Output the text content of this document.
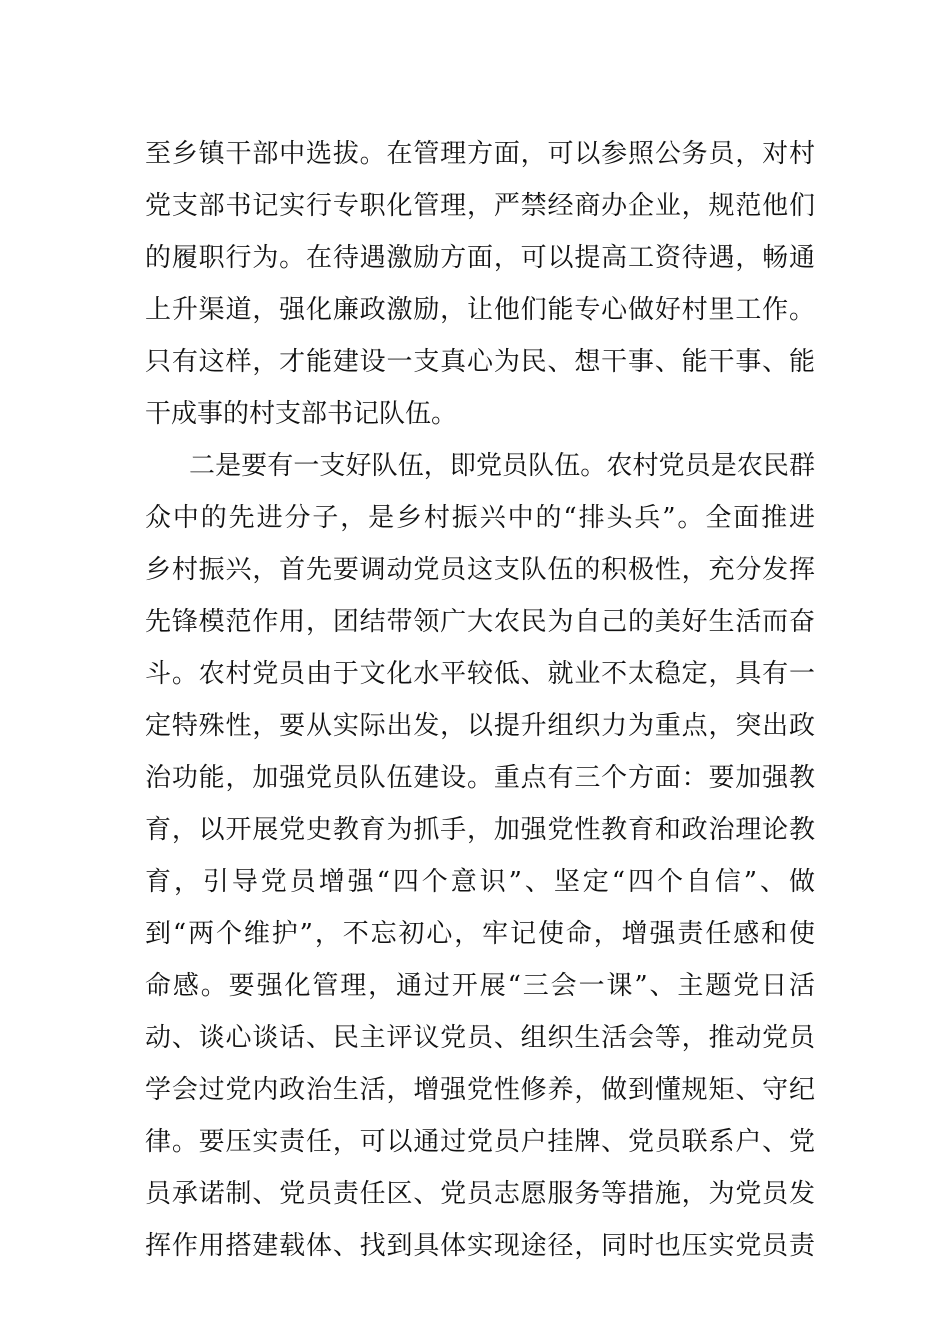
至乡镇干部中选拔。在管理方面，可以参照公务员，对村
党支部书记实行专职化管理，严禁经商办企业，规范他们
的履职行为。在待遇激励方面，可以提高工资待遇，畅通
上升渠道，强化廉政激励，让他们能专心做好村里工作。
只有这样，才能建设一支真心为民、想干事、能干事、能
干成事的村支部书记队伍。
二是要有一支好队伍，即党员队伍。农村党员是农民群
众中的先进分子，是乡村振兴中的“排头兵”。全面推进
乡村振兴，首先要调动党员这支队伍的积极性，充分发挥
先锋模范作用，团结带领广大农民为自己的美好生活而奋
斗。农村党员由于文化水平较低、就业不太稳定，具有一
定特殊性，要从实际出发，以提升组织力为重点，突出政
治功能，加强党员队伍建设。重点有三个方面：要加强教
育，以开展党史教育为抓手，加强党性教育和政治理论教
育，引导党员增强“四个意识”、坚定“四个自信”、做
到“两个维护”，不忘初心，牢记使命，增强责任感和使
命感。要强化管理，通过开展“三会一课”、主题党日活
动、谈心谈话、民主评议党员、组织生活会等，推动党员
学会过党内政治生活，增强党性修养，做到懂规矩、守纪
律。要压实责任，可以通过党员户挂牌、党员联系户、党
员承诺制、党员责任区、党员志愿服务等措施，为党员发
挥作用搭建载体、找到具体实现途径，同时也压实党员责
